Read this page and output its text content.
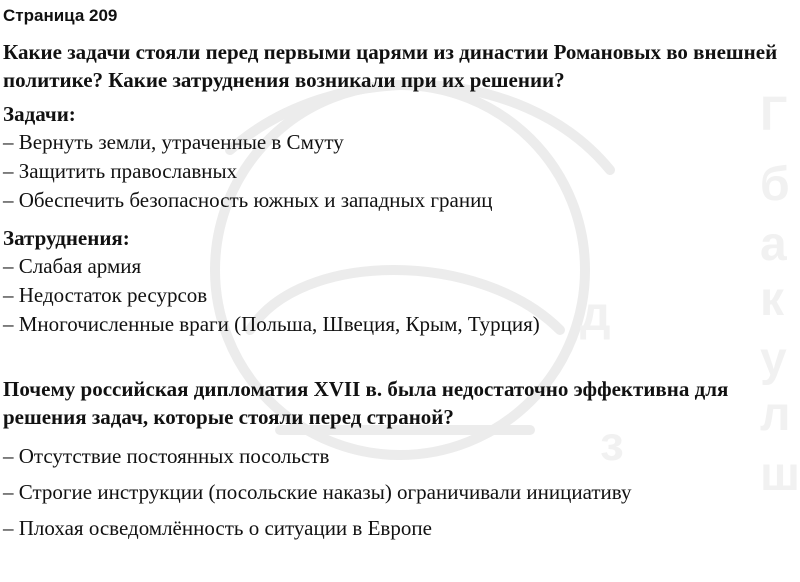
Г
б
а
к
у
л
ш
д
з
Страница 209
Какие задачи стояли перед первыми царями из династии Романовых во внешней политике? Какие затруднения возникали при их решении?
Задачи:
– Вернуть земли, утраченные в Смуту
– Защитить православных
– Обеспечить безопасность южных и западных границ
Затруднения:
– Слабая армия
– Недостаток ресурсов
– Многочисленные враги (Польша, Швеция, Крым, Турция)
Почему российская дипломатия XVII в. была недостаточно эффективна для решения задач, которые стояли перед страной?
– Отсутствие постоянных посольств
– Строгие инструкции (посольские наказы) ограничивали инициативу
– Плохая осведомлённость о ситуации в Европе
